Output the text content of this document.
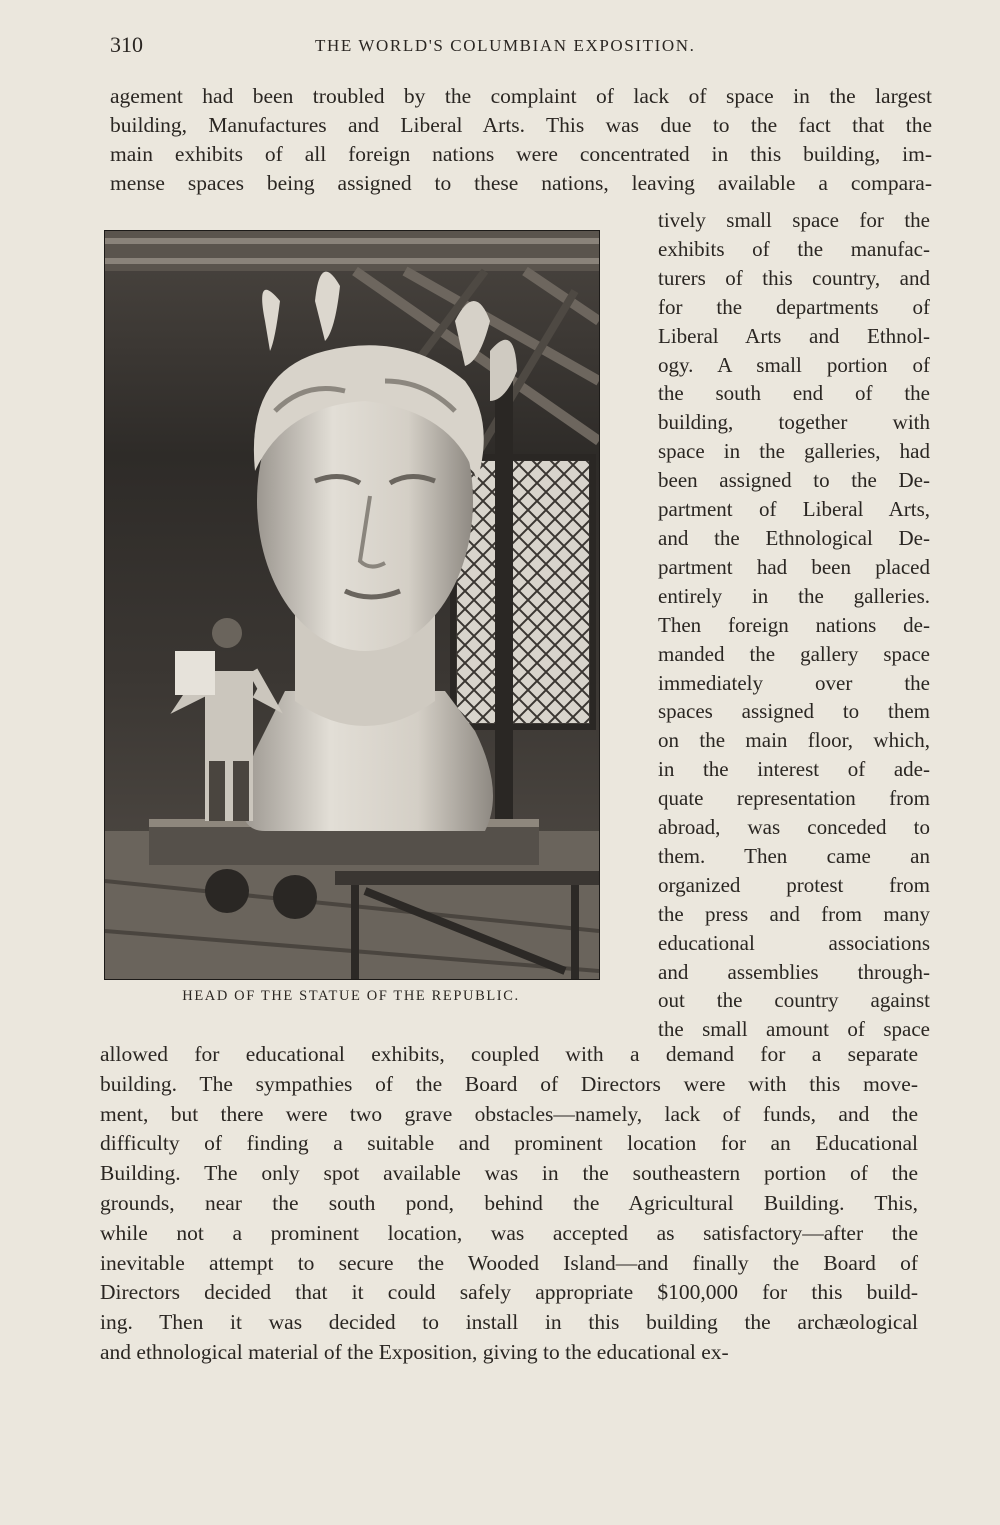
310	THE WORLD'S COLUMBIAN EXPOSITION.

agement had been troubled by the complaint of lack of space in the largest
building, Manufactures and Liberal Arts. This was due to the fact that the
main exhibits of all foreign nations were concentrated in this building, im-
mense spaces being assigned to these nations, leaving available a compara-

HEAD OF THE STATUE OF THE REPUBLIC.

tively small space for the
exhibits of the manufac-
turers of this country, and
for the departments of
Liberal Arts and Ethnol-
ogy. A small portion of
the south end of the
building, together with
space in the galleries, had
been assigned to the De-
partment of Liberal Arts,
and the Ethnological De-
partment had been placed
entirely in the galleries.
Then foreign nations de-
manded the gallery space
immediately over the
spaces assigned to them
on the main floor, which,
in the interest of ade-
quate representation from
abroad, was conceded to
them. Then came an
organized protest from
the press and from many
educational associations
and assemblies through-
out the country against
the small amount of space

allowed for educational exhibits, coupled with a demand for a separate
building. The sympathies of the Board of Directors were with this move-
ment, but there were two grave obstacles—namely, lack of funds, and the
difficulty of finding a suitable and prominent location for an Educational
Building. The only spot available was in the southeastern portion of the
grounds, near the south pond, behind the Agricultural Building. This,
while not a prominent location, was accepted as satisfactory—after the
inevitable attempt to secure the Wooded Island—and finally the Board of
Directors decided that it could safely appropriate $100,000 for this build-
ing. Then it was decided to install in this building the archæological
and ethnological material of the Exposition, giving to the educational ex-
